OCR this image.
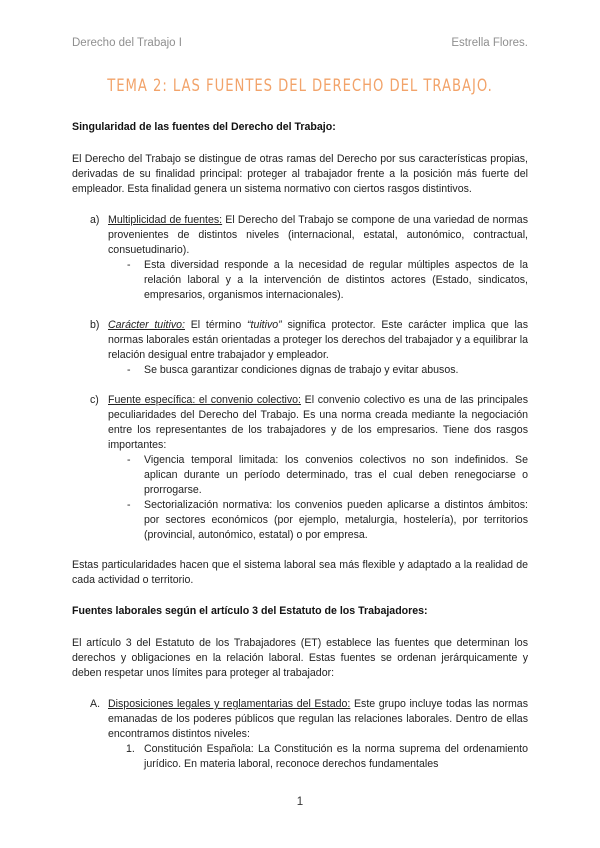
Derecho del Trabajo I	Estrella Flores.
TEMA 2: LAS FUENTES DEL DERECHO DEL TRABAJO.

Singularidad de las fuentes del Derecho del Trabajo:

El Derecho del Trabajo se distingue de otras ramas del Derecho por sus características propias, derivadas de su finalidad principal: proteger al trabajador frente a la posición más fuerte del empleador. Esta finalidad genera un sistema normativo con ciertos rasgos distintivos.

a) Multiplicidad de fuentes: El Derecho del Trabajo se compone de una variedad de normas provenientes de distintos niveles (internacional, estatal, autonómico, contractual, consuetudinario).
- Esta diversidad responde a la necesidad de regular múltiples aspectos de la relación laboral y a la intervención de distintos actores (Estado, sindicatos, empresarios, organismos internacionales).
b) Carácter tuitivo: El término “tuitivo” significa protector. Este carácter implica que las normas laborales están orientadas a proteger los derechos del trabajador y a equilibrar la relación desigual entre trabajador y empleador.
- Se busca garantizar condiciones dignas de trabajo y evitar abusos.
c) Fuente específica: el convenio colectivo: El convenio colectivo es una de las principales peculiaridades del Derecho del Trabajo. Es una norma creada mediante la negociación entre los representantes de los trabajadores y de los empresarios. Tiene dos rasgos importantes:
- Vigencia temporal limitada: los convenios colectivos no son indefinidos. Se aplican durante un período determinado, tras el cual deben renegociarse o prorrogarse.
- Sectorialización normativa: los convenios pueden aplicarse a distintos ámbitos: por sectores económicos (por ejemplo, metalurgia, hostelería), por territorios (provincial, autonómico, estatal) o por empresa.

Estas particularidades hacen que el sistema laboral sea más flexible y adaptado a la realidad de cada actividad o territorio.

Fuentes laborales según el artículo 3 del Estatuto de los Trabajadores:

El artículo 3 del Estatuto de los Trabajadores (ET) establece las fuentes que determinan los derechos y obligaciones en la relación laboral. Estas fuentes se ordenan jerárquicamente y deben respetar unos límites para proteger al trabajador:

A. Disposiciones legales y reglamentarias del Estado: Este grupo incluye todas las normas emanadas de los poderes públicos que regulan las relaciones laborales. Dentro de ellas encontramos distintos niveles:
1. Constitución Española: La Constitución es la norma suprema del ordenamiento jurídico. En materia laboral, reconoce derechos fundamentales
1
